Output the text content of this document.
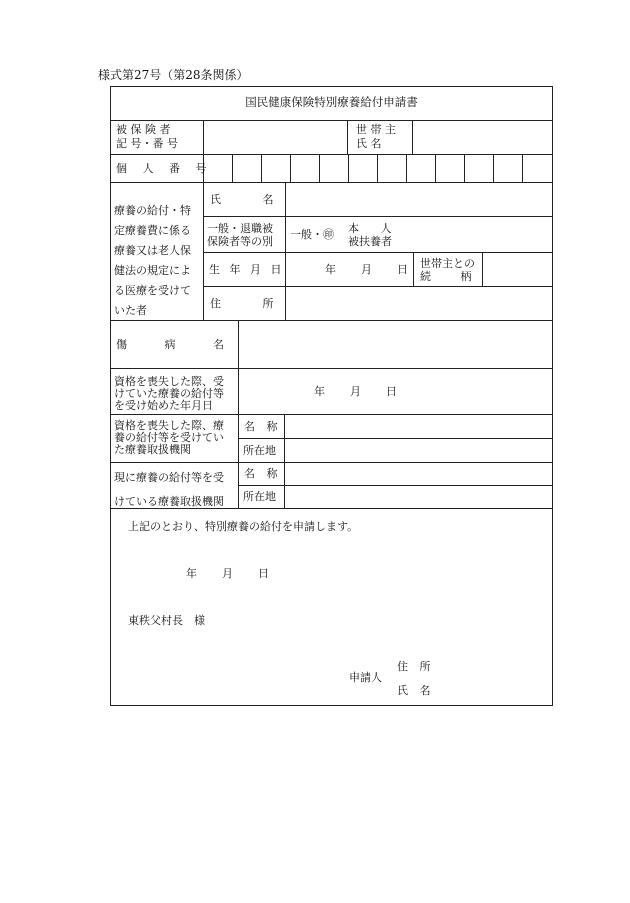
様式第27号（第28条関係）
国民健康保険特別療養給付申請書
被 保 険 者
記 号・番 号
世 帯 主
氏 名
個 人 番 号
療養の給付・特
定療養費に係る
療養又は老人保
健法の規定によ
る医療を受けて
いた者
氏 名
一般・退職被
保険者等の別
一般・㊞ 本 人
被扶養者
生 年 月 日	年 月 日 世帯主との
続 柄
住 所
傷 病 名
資格を喪失した際、受
けていた療養の給付等
を受け始めた年月日
年 月 日
資格を喪失した際、療
養の給付等を受けてい
た療養取扱機関
名 称
所在地
現に療養の給付等を受
けている療養取扱機関
名 称
所在地
上記のとおり、特別療養の給付を申請します。
年 月 日
東秩父村長　様
申請人
住 所
氏 名
